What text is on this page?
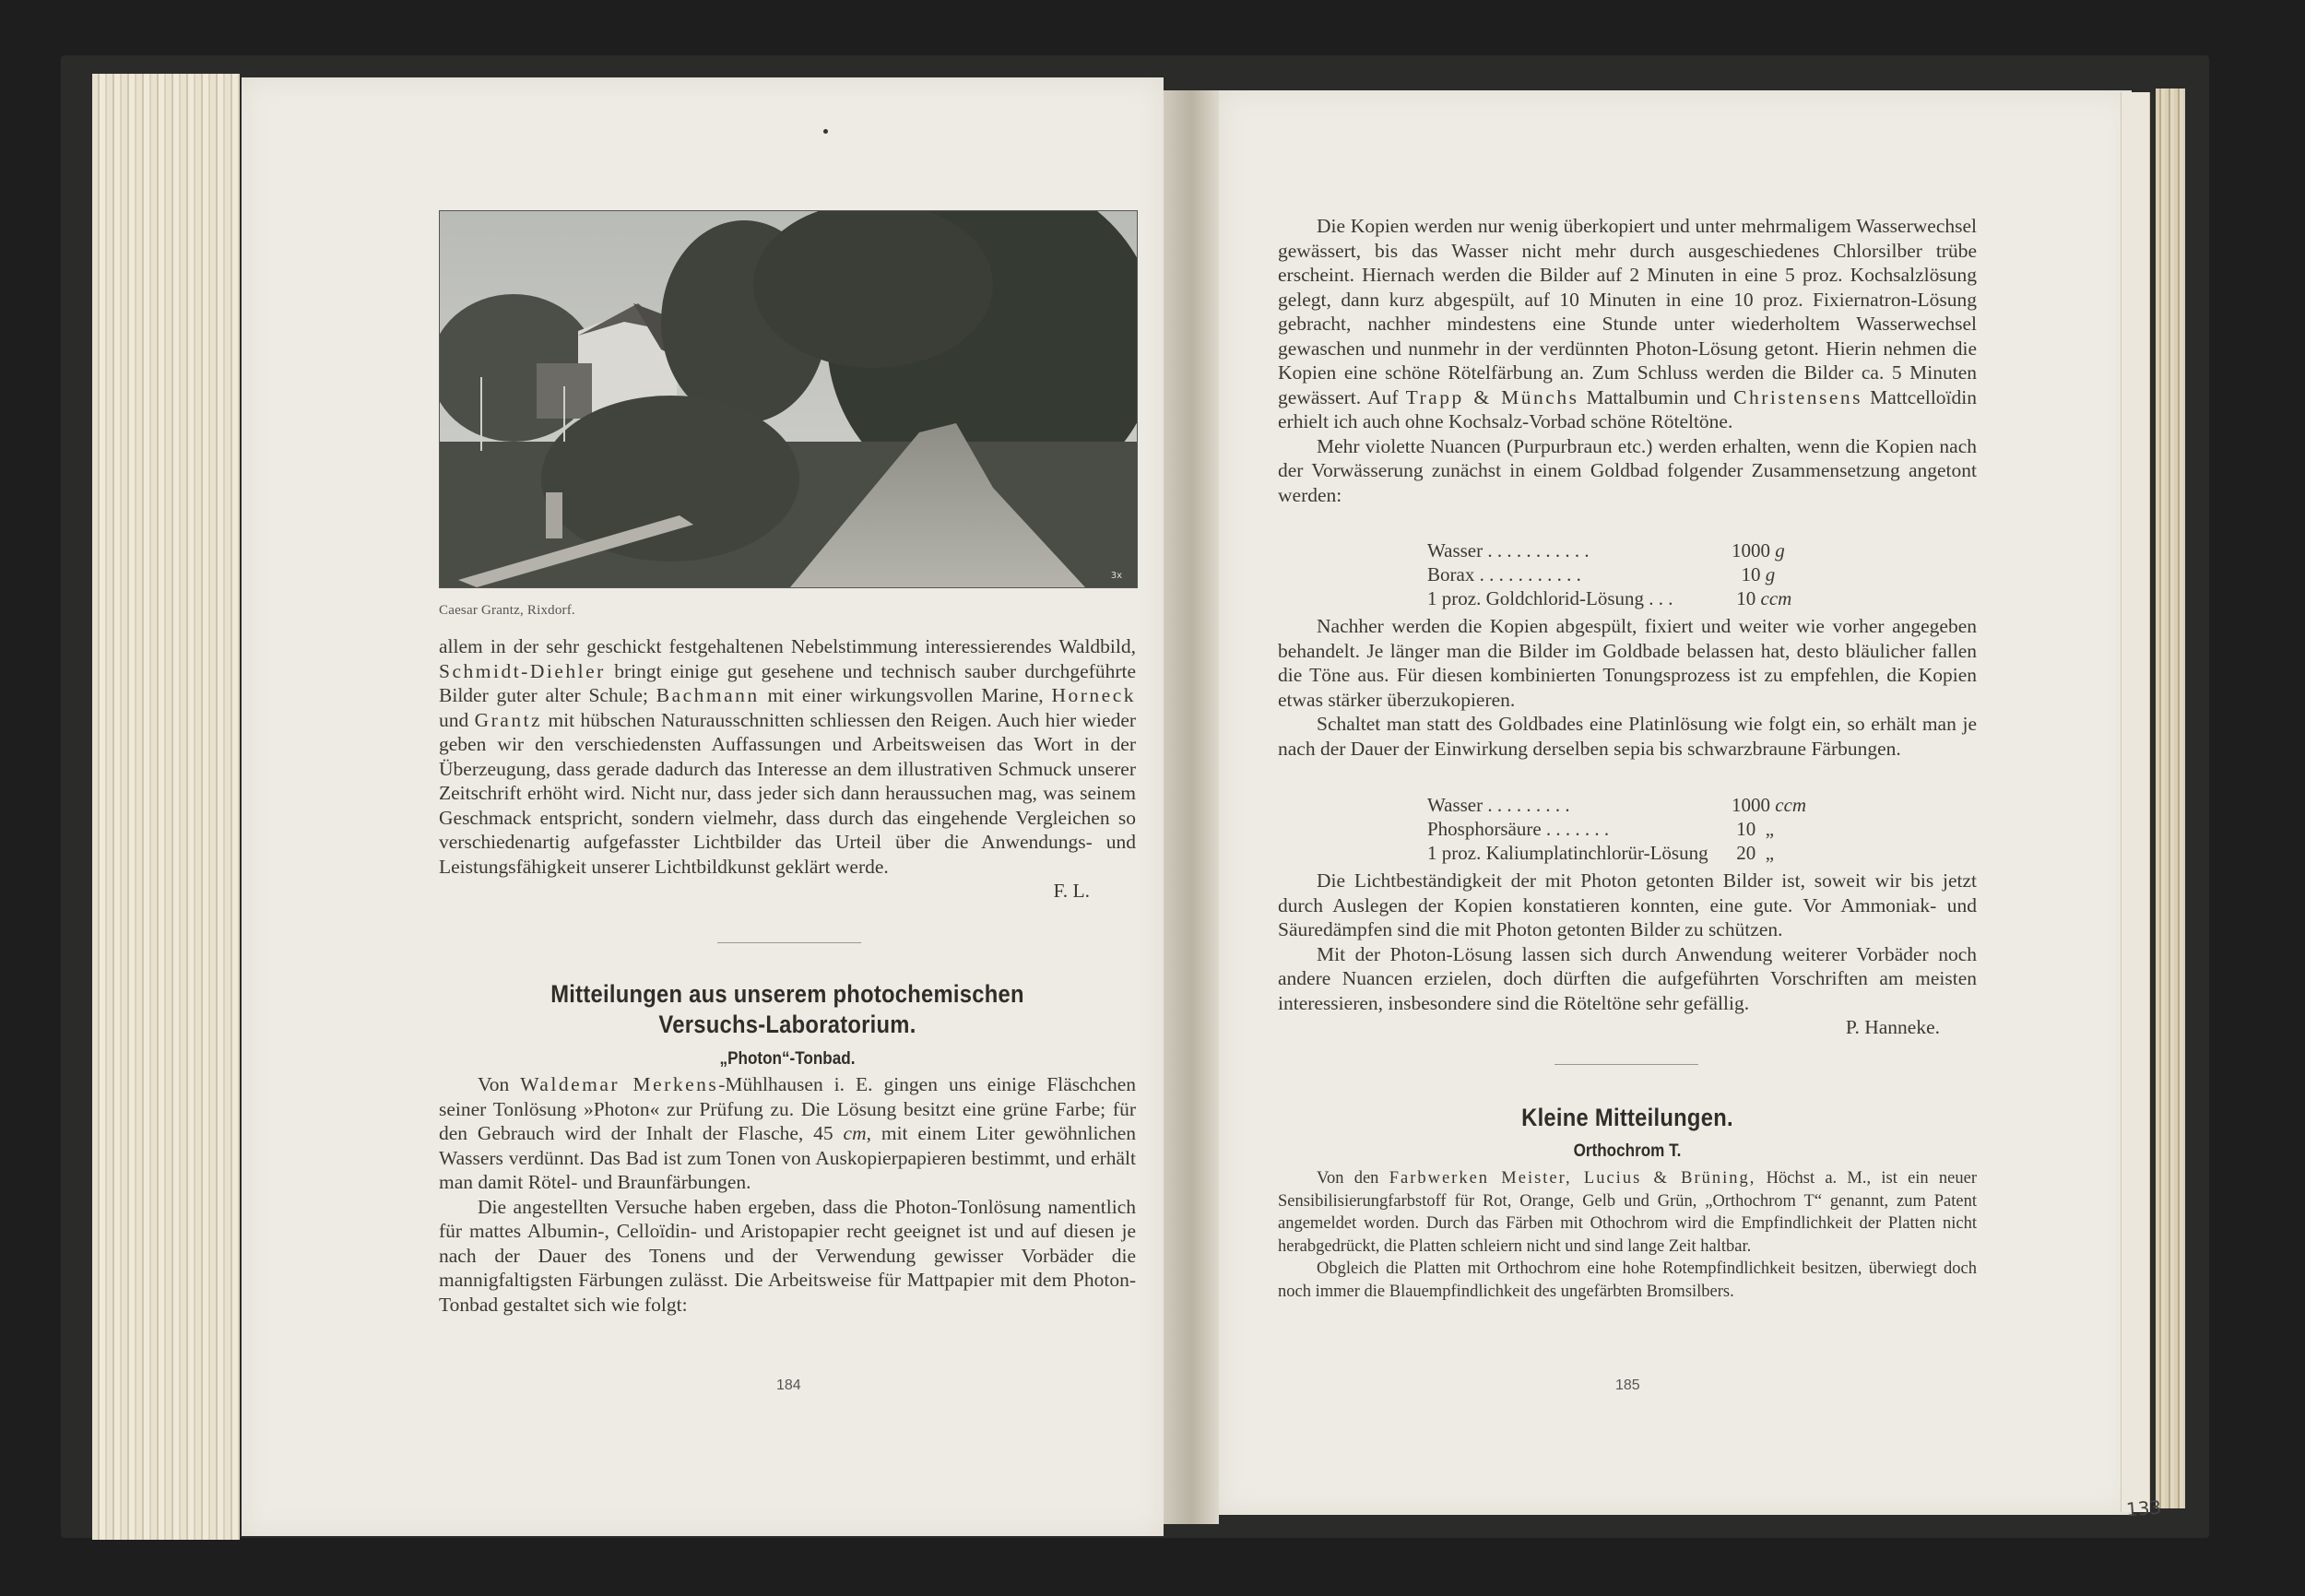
3x
Caesar Grantz, Rixdorf.

allem in der sehr geschickt festgehaltenen Nebelstimmung interessierendes Waldbild, Schmidt-Diehler bringt einige gut gesehene und technisch sauber durchgeführte Bilder guter alter Schule; Bachmann mit einer wirkungsvollen Marine, Horneck und Grantz mit hübschen Naturausschnitten schliessen den Reigen. Auch hier wieder geben wir den verschiedensten Auffassungen und Arbeitsweisen das Wort in der Überzeugung, dass gerade dadurch das Interesse an dem illustrativen Schmuck unserer Zeitschrift erhöht wird. Nicht nur, dass jeder sich dann heraussuchen mag, was seinem Geschmack entspricht, sondern vielmehr, dass durch das eingehende Vergleichen so verschiedenartig aufgefasster Lichtbilder das Urteil über die Anwendungs- und Leistungsfähigkeit unserer Lichtbildkunst geklärt werde.

F. L.

Mitteilungen aus unserem photochemischen
Versuchs-Laboratorium.
„Photon“-Tonbad.

Von Waldemar Merkens-Mühlhausen i. E. gingen uns einige Fläschchen seiner Tonlösung »Photon« zur Prüfung zu. Die Lösung besitzt eine grüne Farbe; für den Gebrauch wird der Inhalt der Flasche, 45 cm, mit einem Liter gewöhnlichen Wassers verdünnt. Das Bad ist zum Tonen von Auskopierpapieren bestimmt, und erhält man damit Rötel- und Braunfärbungen.

Die angestellten Versuche haben ergeben, dass die Photon-Tonlösung namentlich für mattes Albumin-, Celloïdin- und Aristopapier recht geeignet ist und auf diesen je nach der Dauer des Tonens und der Verwendung gewisser Vorbäder die mannigfaltigsten Färbungen zulässt. Die Arbeitsweise für Mattpapier mit dem Photon-Tonbad gestaltet sich wie folgt:

184

Die Kopien werden nur wenig überkopiert und unter mehrmaligem Wasserwechsel gewässert, bis das Wasser nicht mehr durch ausgeschiedenes Chlorsilber trübe erscheint. Hiernach werden die Bilder auf 2 Minuten in eine 5 proz. Kochsalzlösung gelegt, dann kurz abgespült, auf 10 Minuten in eine 10 proz. Fixiernatron-Lösung gebracht, nachher mindestens eine Stunde unter wiederholtem Wasserwechsel gewaschen und nunmehr in der verdünnten Photon-Lösung getont. Hierin nehmen die Kopien eine schöne Rötelfärbung an. Zum Schluss werden die Bilder ca. 5 Minuten gewässert. Auf Trapp & Münchs Mattalbumin und Christensens Mattcelloïdin erhielt ich auch ohne Kochsalz-Vorbad schöne Röteltöne.

Mehr violette Nuancen (Purpurbraun etc.) werden erhalten, wenn die Kopien nach der Vorwässerung zunächst in einem Goldbad folgender Zusammensetzung angetont werden:

Wasser . . . . . . . . . . .	1000 g
Borax . . . . . . . . . . .	10 g
1 proz. Goldchlorid-Lösung . . .	10 ccm

Nachher werden die Kopien abgespült, fixiert und weiter wie vorher angegeben behandelt. Je länger man die Bilder im Goldbade belassen hat, desto bläulicher fallen die Töne aus. Für diesen kombinierten Tonungsprozess ist zu empfehlen, die Kopien etwas stärker überzukopieren.

Schaltet man statt des Goldbades eine Platinlösung wie folgt ein, so erhält man je nach der Dauer der Einwirkung derselben sepia bis schwarzbraune Färbungen.

Wasser . . . . . . . . .	1000 ccm
Phosphorsäure . . . . . . .	10 „
1 proz. Kaliumplatinchlorür-Lösung	20 „

Die Lichtbeständigkeit der mit Photon getonten Bilder ist, soweit wir bis jetzt durch Auslegen der Kopien konstatieren konnten, eine gute. Vor Ammoniak- und Säuredämpfen sind die mit Photon getonten Bilder zu schützen.

Mit der Photon-Lösung lassen sich durch Anwendung weiterer Vorbäder noch andere Nuancen erzielen, doch dürften die aufgeführten Vorschriften am meisten interessieren, insbesondere sind die Röteltöne sehr gefällig.

P. Hanneke.

Kleine Mitteilungen.
Orthochrom T.

Von den Farbwerken Meister, Lucius & Brüning, Höchst a. M., ist ein neuer Sensibilisierungfarbstoff für Rot, Orange, Gelb und Grün, „Orthochrom T“ genannt, zum Patent angemeldet worden. Durch das Färben mit Othochrom wird die Empfindlichkeit der Platten nicht herabgedrückt, die Platten schleiern nicht und sind lange Zeit haltbar.

Obgleich die Platten mit Orthochrom eine hohe Rotempfindlichkeit besitzen, überwiegt doch noch immer die Blauempfindlichkeit des ungefärbten Bromsilbers.

185
133
